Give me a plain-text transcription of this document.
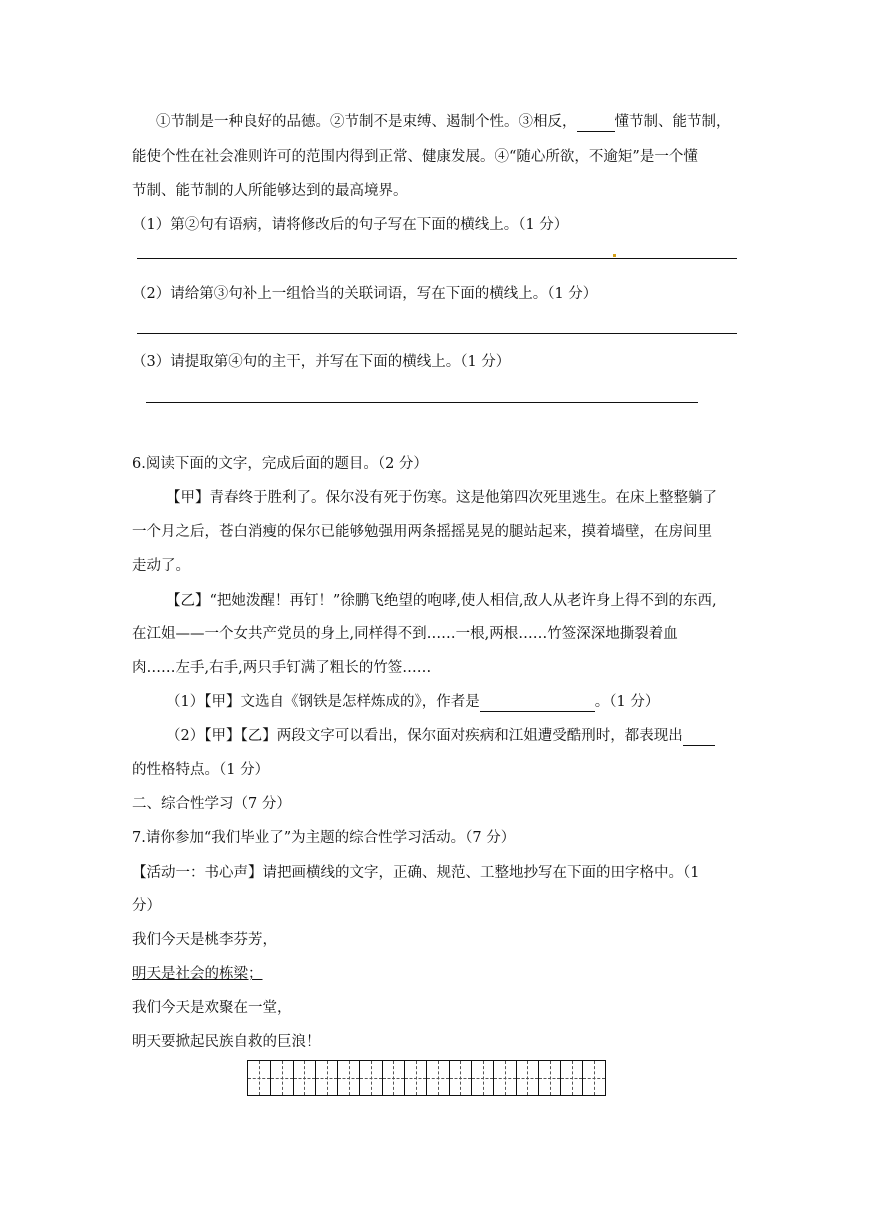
①节制是一种良好的品德。②节制不是束缚、遏制个性。③相反，	懂节制、能节制，
能使个性在社会准则许可的范围内得到正常、健康发展。④“随心所欲，不逾矩”是一个懂
节制、能节制的人所能够达到的最高境界。
（1）第②句有语病，请将修改后的句子写在下面的横线上。（1 分）
（2）请给第③句补上一组恰当的关联词语，写在下面的横线上。（1 分）
（3）请提取第④句的主干，并写在下面的横线上。（1 分）
6.阅读下面的文字，完成后面的题目。（2 分）
【甲】青春终于胜利了。保尔没有死于伤寒。这是他第四次死里逃生。在床上整整躺了
一个月之后，苍白消瘦的保尔已能够勉强用两条摇摇晃晃的腿站起来，摸着墙壁，在房间里
走动了。
【乙】“把她泼醒！再钉！”徐鹏飞绝望的咆哮,使人相信,敌人从老许身上得不到的东西,
在江姐——一个女共产党员的身上,同样得不到……一根,两根……竹签深深地撕裂着血
肉……左手,右手,两只手钉满了粗长的竹签……
（1）【甲】文选自《钢铁是怎样炼成的》，作者是	。（1 分）
（2）【甲】【乙】两段文字可以看出，保尔面对疾病和江姐遭受酷刑时，都表现出
的性格特点。（1 分）
二、综合性学习（7 分）
7.请你参加“我们毕业了”为主题的综合性学习活动。（7 分）
【活动一：书心声】请把画横线的文字，正确、规范、工整地抄写在下面的田字格中。（1
分）
我们今天是桃李芬芳，
明天是社会的栋梁；
我们今天是欢聚在一堂，
明天要掀起民族自救的巨浪！
